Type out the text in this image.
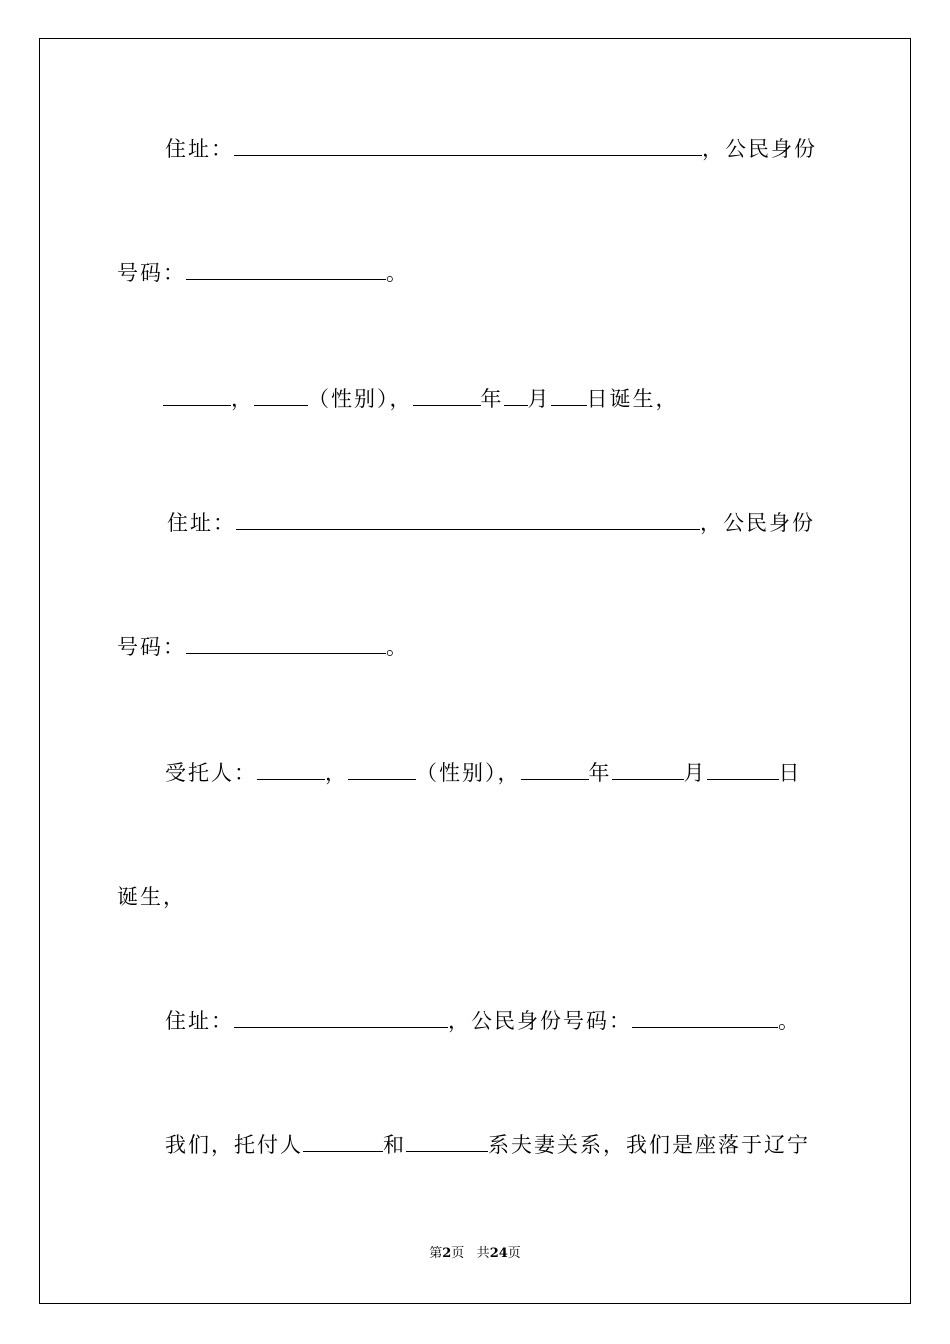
住址：	，公民身份
号码：	。
，	（性别），	年 月 日诞生，
住址：	，公民身份
号码：	。
受托人：	，	（性别），	年	月	日
诞生，
住址：	，公民身份号码：	。
我们，托付人	和	系夫妻关系，我们是座落于辽宁
第2页 共24页
